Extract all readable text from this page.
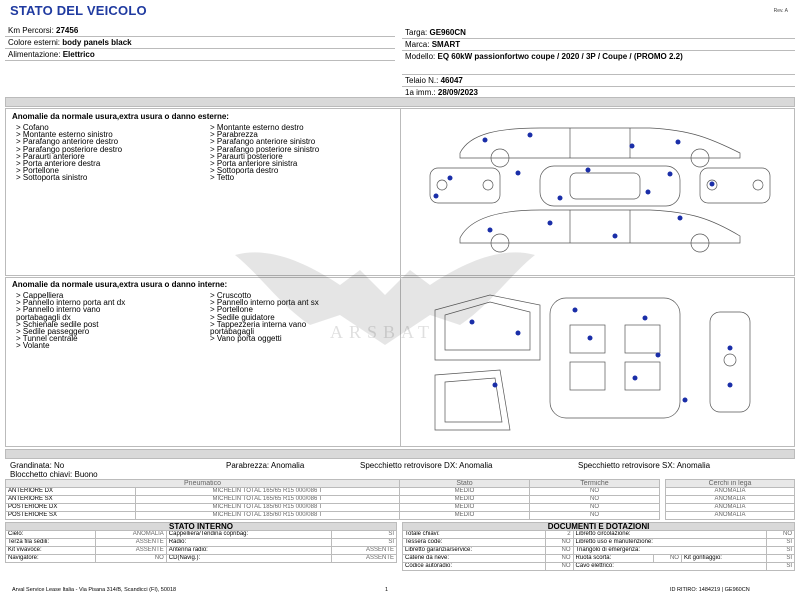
STATO DEL VEICOLO	Rev. A
Km Percorsi: 27456
Colore esterni: body panels black
Alimentazione: Elettrico
Targa: GE960CN
Marca: SMART
Modello: EQ 60kW passionfortwo coupe / 2020 / 3P / Coupe / (PROMO 2.2)
Telaio N.: 46047
1a imm.: 28/09/2023
Anomalie da normale usura,extra usura o danno esterne:
> Cofano
> Montante esterno sinistro
> Parafango anteriore destro
> Parafango posteriore destro
> Paraurti anteriore
> Porta anteriore destra
> Portellone
> Sottoporta sinistro
> Montante esterno destro
> Parabrezza
> Parafango anteriore sinistro
> Parafango posteriore sinistro
> Paraurti posteriore
> Porta anteriore sinistra
> Sottoporta destro
> Tetto
Anomalie da normale usura,extra usura o danno interne:
> Cappelliera
> Pannello interno porta ant dx
> Pannello interno vano
portabagagli dx
> Schienale sedile post
> Sedile passeggero
> Tunnel centrale
> Volante
> Cruscotto
> Pannello interno porta ant sx
> Portellone
> Sedile guidatore
> Tappezzeria interna vano
portabagagli
> Vano porta oggetti	ARSBAT
Grandinata: No
Blocchetto chiavi: Buono
Parabrezza: Anomalia	Specchietto retrovisore DX: Anomalia	Specchietto retrovisore SX: Anomalia
Pneumatico		Stato	Termiche
ANTERIORE DX	MICHELIN TOTAL 165/65 R15 000/086 T	MEDIO	NO
ANTERIORE SX	MICHELIN TOTAL 165/65 R15 000/086 T	MEDIO	NO
POSTERIORE DX	MICHELIN TOTAL 185/60 R15 000/088 T	MEDIO	NO
POSTERIORE SX	MICHELIN TOTAL 185/60 R15 000/088 T	MEDIO	NO
Cerchi in lega
ANOMALIA
ANOMALIA
ANOMALIA
ANOMALIA
STATO INTERNO			
Cielo:	ANOMALIA	Cappelliera/Tendina copribag:	SI
Terza fila sedili:	ASSENTE	Radio:	SI
Kit vivavoce:	ASSENTE	Antenna radio:	ASSENTE
Navigatore:	NO	CD(Navig.):	ASSENTE
DOCUMENTI E DOTAZIONI					
Totale chiavi:	2	Libretto circolazione:			NO
Tessera code:	NO	Libretto uso e manutenzione:			SI
Libretto garanzia/service:	NO	Triangolo di emergenza:			SI
Catene da neve:	NO	Ruota scorta:	NO	Kit gonfiaggio:	SI
Codice autoradio:	NO	Cavo elettrico:			SI
Arval Service Lease Italia - Via Pisana 314/B, Scandicci (FI), 50018	1	ID RITIRO: 1484219 | GE960CN
